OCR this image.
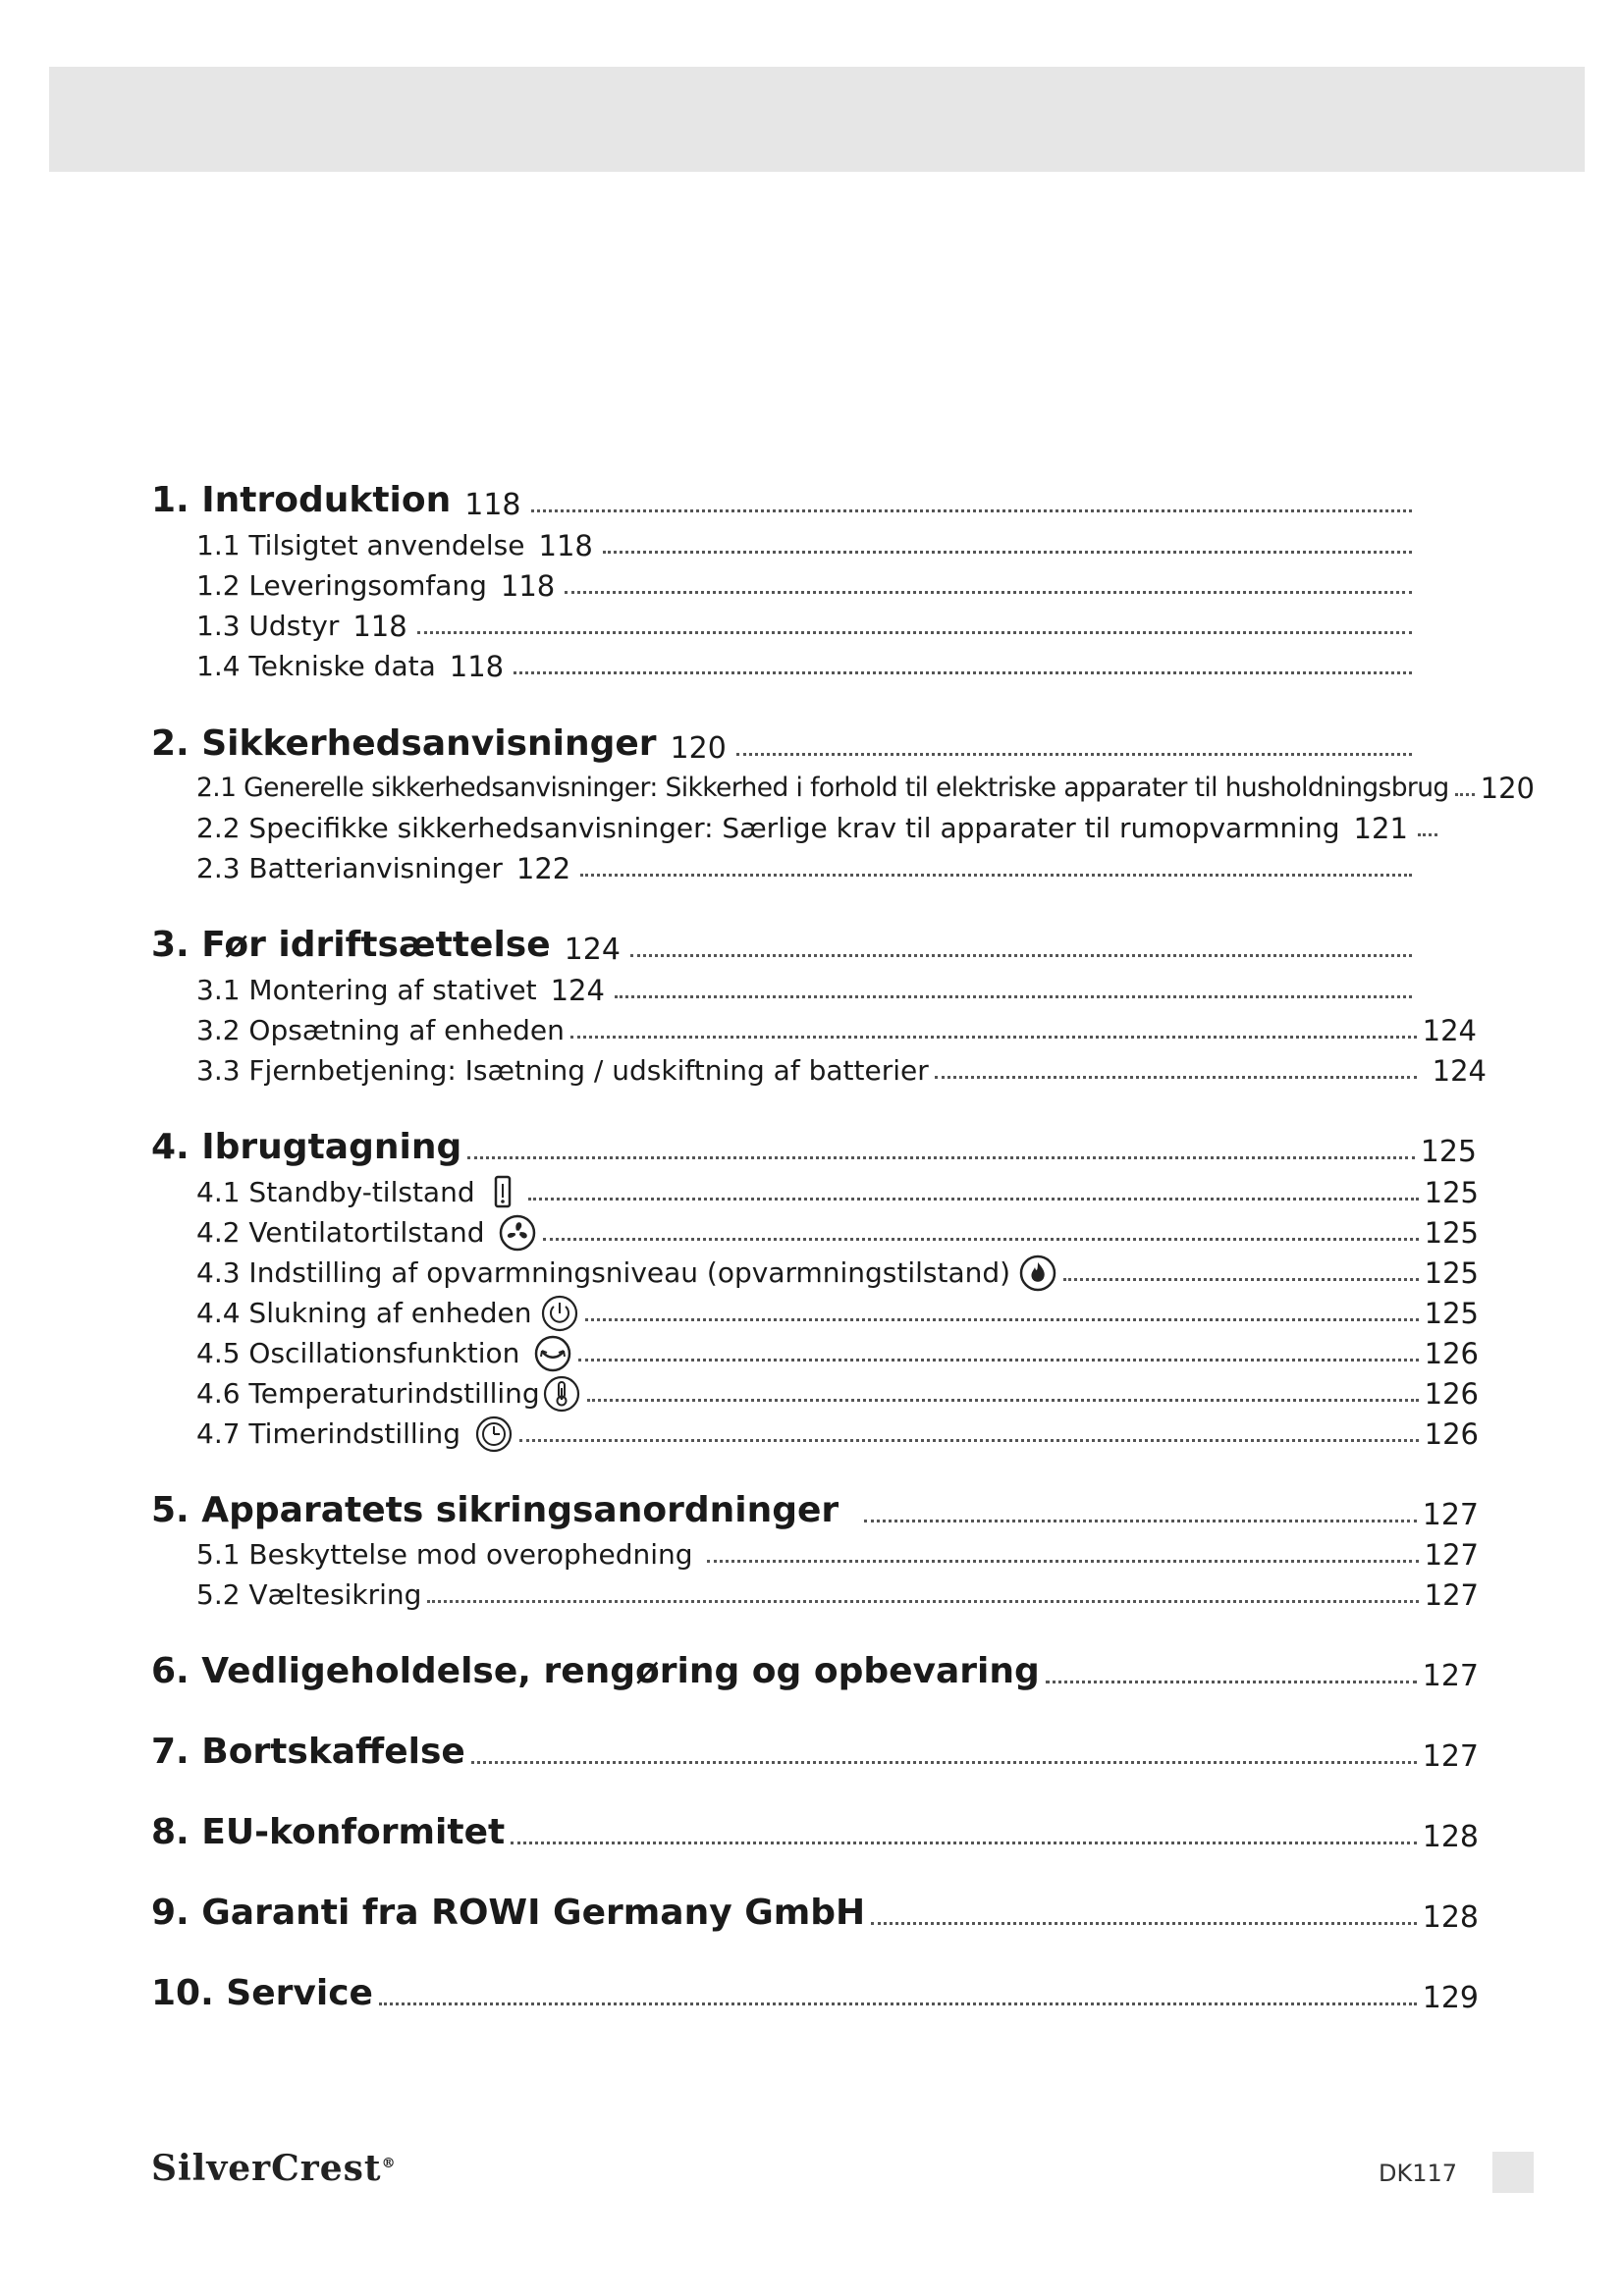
1. Introduktion 118
1.1 Tilsigtet anvendelse 118
1.2 Leveringsomfang 118
1.3 Udstyr 118
1.4 Tekniske data 118
2. Sikkerhedsanvisninger 120
2.1 Generelle sikkerhedsanvisninger: Sikkerhed i forhold til elektriske apparater til husholdningsbrug 120
2.2 Specifikke sikkerhedsanvisninger: Særlige krav til apparater til rumopvarmning 121
2.3 Batterianvisninger 122
3. Før idriftsættelse 124
3.1 Montering af stativet 124
3.2 Opsætning af enheden	124
3.3 Fjernbetjening: Isætning / udskiftning af batterier	124
4. Ibrugtagning	125
4.1 Standby-tilstand	125
4.2 Ventilatortilstand	125
4.3 Indstilling af opvarmningsniveau (opvarmningstilstand)	125
4.4 Slukning af enheden	125
4.5 Oscillationsfunktion	126
4.6 Temperaturindstilling	126
4.7 Timerindstilling	126
5. Apparatets sikringsanordninger	127
5.1 Beskyttelse mod overophedning	127
5.2 Væltesikring	127
6. Vedligeholdelse, rengøring og opbevaring	127
7. Bortskaffelse	127
8. EU-konformitet	128
9. Garanti fra ROWI Germany GmbH	128
10. Service	129
SilverCrest®	DK117
